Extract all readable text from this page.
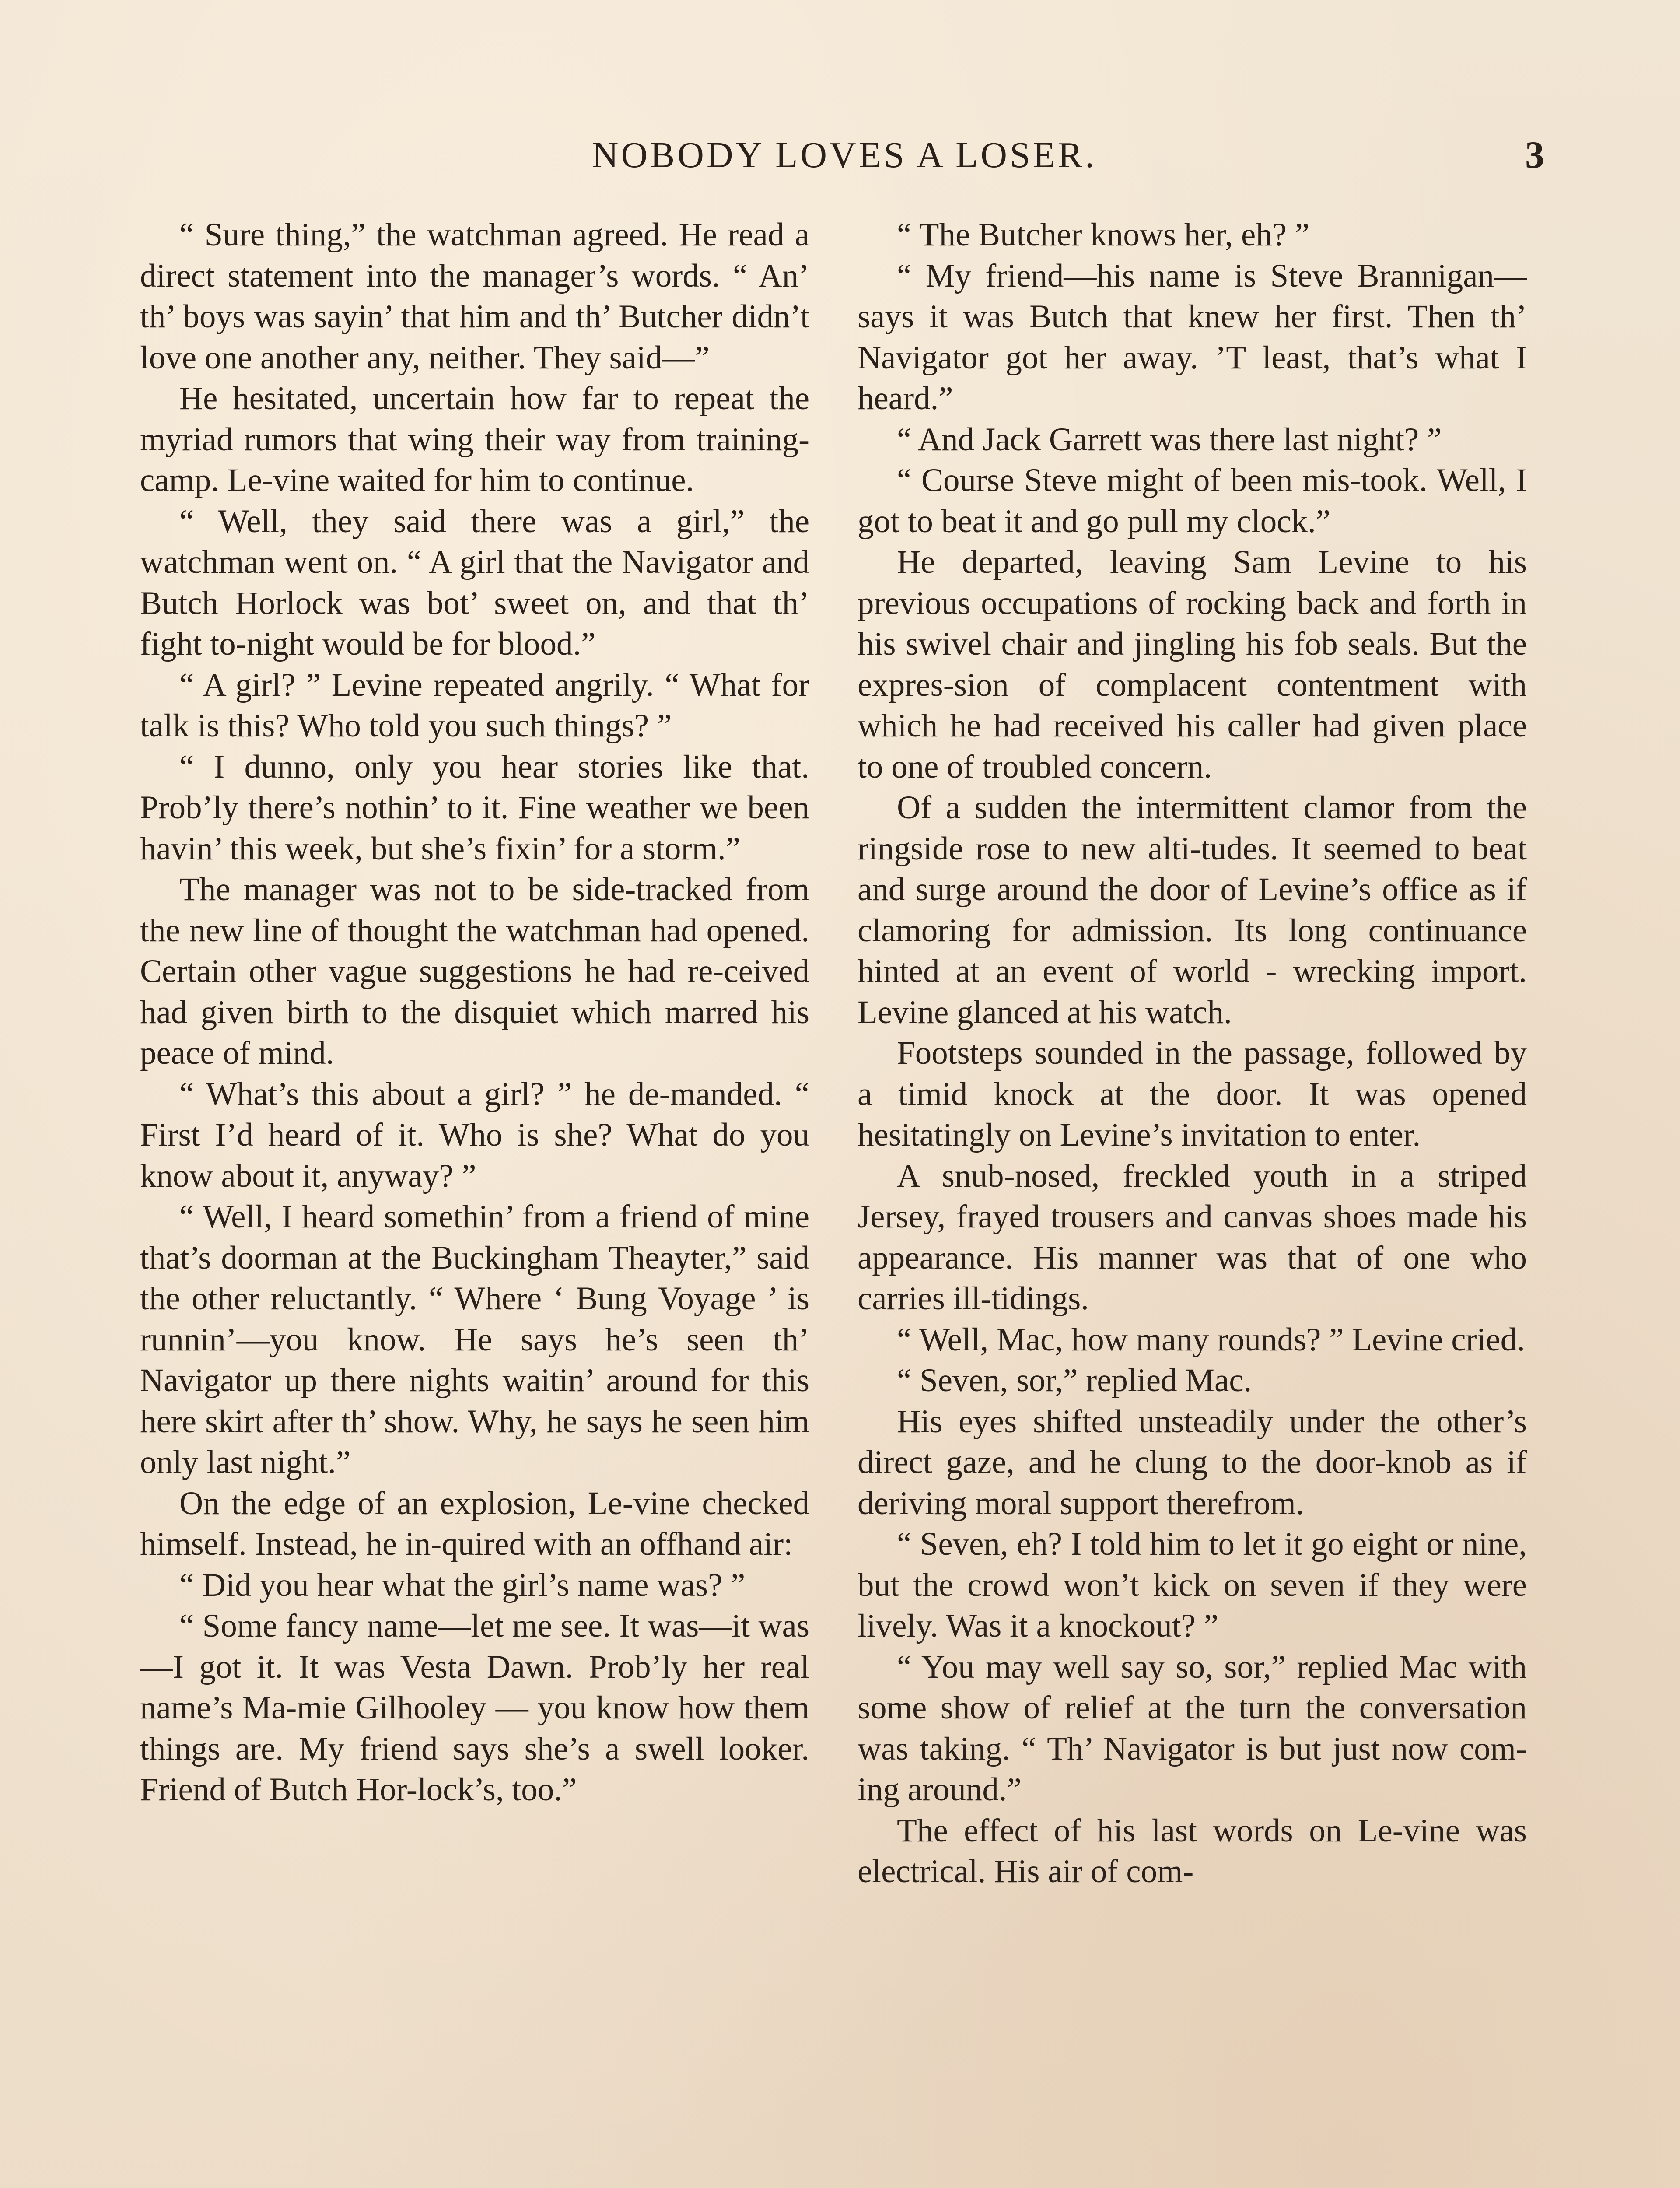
NOBODY LOVES A LOSER.	3

“ Sure thing,” the watchman agreed. He read a direct statement into the manager’s words. “ An’ th’ boys was sayin’ that him and th’ Butcher didn’t love one another any, neither. They said—”

He hesitated, uncertain how far to repeat the myriad rumors that wing their way from training-camp. Le-vine waited for him to continue.

“ Well, they said there was a girl,” the watchman went on. “ A girl that the Navigator and Butch Horlock was bot’ sweet on, and that th’ fight to-night would be for blood.”

“ A girl? ” Levine repeated angrily. “ What for talk is this? Who told you such things? ”

“ I dunno, only you hear stories like that. Prob’ly there’s nothin’ to it. Fine weather we been havin’ this week, but she’s fixin’ for a storm.”

The manager was not to be side-tracked from the new line of thought the watchman had opened. Certain other vague suggestions he had re-ceived had given birth to the disquiet which marred his peace of mind.

“ What’s this about a girl? ” he de-manded. “ First I’d heard of it. Who is she? What do you know about it, anyway? ”

“ Well, I heard somethin’ from a friend of mine that’s doorman at the Buckingham Theayter,” said the other reluctantly. “ Where ‘ Bung Voyage ’ is runnin’—you know. He says he’s seen th’ Navigator up there nights waitin’ around for this here skirt after th’ show. Why, he says he seen him only last night.”

On the edge of an explosion, Le-vine checked himself. Instead, he in-quired with an offhand air:

“ Did you hear what the girl’s name was? ”

“ Some fancy name—let me see. It was—it was—I got it. It was Vesta Dawn. Prob’ly her real name’s Ma-mie Gilhooley — you know how them things are. My friend says she’s a swell looker. Friend of Butch Hor-lock’s, too.”

“ The Butcher knows her, eh? ”

“ My friend—his name is Steve Brannigan—says it was Butch that knew her first. Then th’ Navigator got her away. ’T least, that’s what I heard.”

“ And Jack Garrett was there last night? ”

“ Course Steve might of been mis-took. Well, I got to beat it and go pull my clock.”

He departed, leaving Sam Levine to his previous occupations of rocking back and forth in his swivel chair and jingling his fob seals. But the expres-sion of complacent contentment with which he had received his caller had given place to one of troubled concern.

Of a sudden the intermittent clamor from the ringside rose to new alti-tudes. It seemed to beat and surge around the door of Levine’s office as if clamoring for admission. Its long continuance hinted at an event of world - wrecking import. Levine glanced at his watch.

Footsteps sounded in the passage, followed by a timid knock at the door. It was opened hesitatingly on Levine’s invitation to enter.

A snub-nosed, freckled youth in a striped Jersey, frayed trousers and canvas shoes made his appearance. His manner was that of one who carries ill-tidings.

“ Well, Mac, how many rounds? ” Levine cried.

“ Seven, sor,” replied Mac.

His eyes shifted unsteadily under the other’s direct gaze, and he clung to the door-knob as if deriving moral support therefrom.

“ Seven, eh? I told him to let it go eight or nine, but the crowd won’t kick on seven if they were lively. Was it a knockout? ”

“ You may well say so, sor,” replied Mac with some show of relief at the turn the conversation was taking. “ Th’ Navigator is but just now com-ing around.”

The effect of his last words on Le-vine was electrical. His air of com-
